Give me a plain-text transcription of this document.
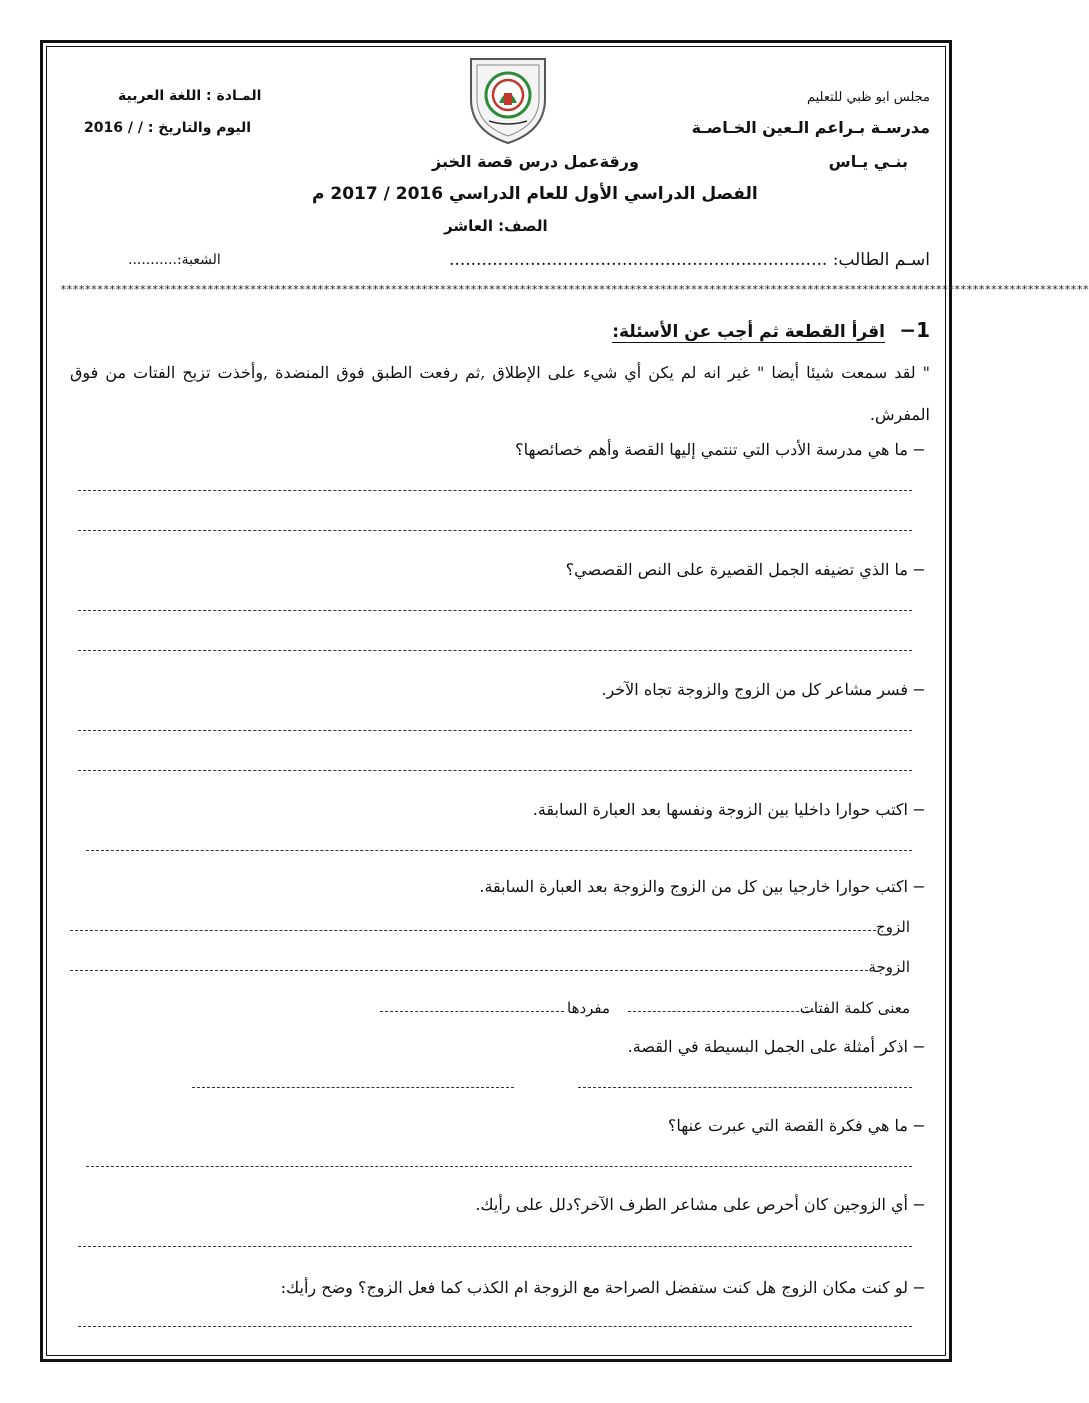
مجلس ابو ظبي للتعليم
مدرسـة بـراعم الـعين الخـاصـة
بنـي يـاس
المـادة : اللغة العربية
اليوم والتاريخ : / / 2016
ورقةعمل درس قصة الخبز
الفصل الدراسي الأول للعام الدراسي 2016 / 2017 م
الصف: العاشر
اسـم الطالب: ......................................................................
الشعبة:...........
************************************************************************************************************************************************************************
1− اقرأ القطعة ثم أجب عن الأسئلة:
" لقد سمعت شيئا أيضا " غير انه لم يكن أي شيء على الإطلاق ,ثم رفعت الطبق فوق المنضدة ,وأخذت تزيح الفتات من فوق المفرش.
−ما هي مدرسة الأدب التي تنتمي إليها القصة وأهم خصائصها؟
−ما الذي تضيفه الجمل القصيرة على النص القصصي؟
−فسر مشاعر كل من الزوج والزوجة تجاه الآخر.
−اكتب حوارا داخليا بين الزوجة ونفسها بعد العبارة السابقة.
−اكتب حوارا خارجيا بين كل من الزوج والزوجة بعد العبارة السابقة.
الزوج
الزوجة
معنى كلمة الفتات
مفردها
−اذكر أمثلة على الجمل البسيطة في القصة.
−ما هي فكرة القصة التي عبرت عنها؟
−أي الزوجين كان أحرص على مشاعر الطرف الآخر؟دلل على رأيك.
−لو كنت مكان الزوج هل كنت ستفضل الصراحة مع الزوجة ام الكذب كما فعل الزوج؟ وضح رأيك:
